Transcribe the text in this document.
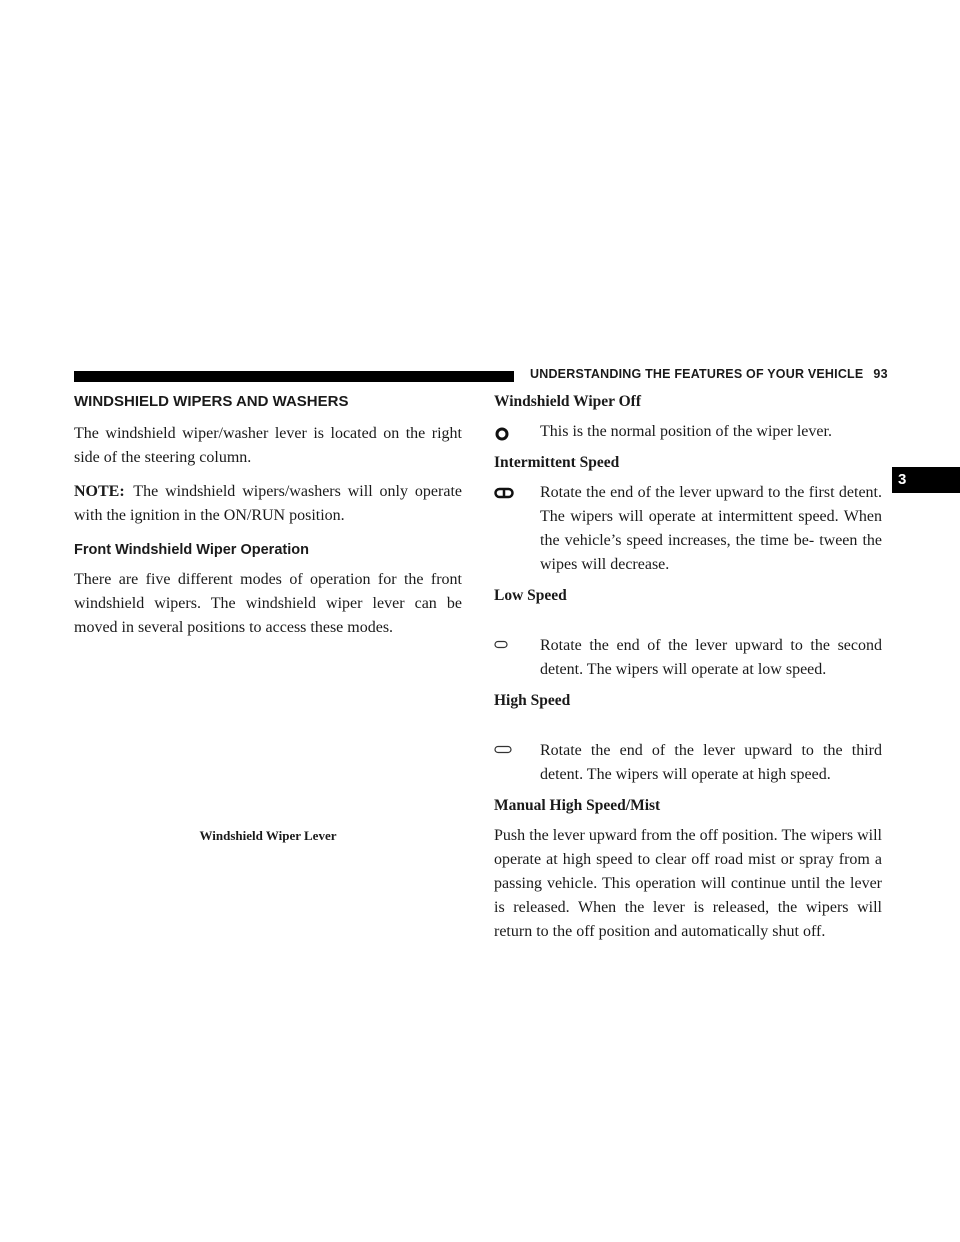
UNDERSTANDING THE FEATURES OF YOUR VEHICLE 93
3
WINDSHIELD WIPERS AND WASHERS

The windshield wiper/washer lever is located on the right side of the steering column.

NOTE: The windshield wipers/washers will only operate with the ignition in the ON/RUN position.

Front Windshield Wiper Operation

There are five different modes of operation for the front windshield wipers. The windshield wiper lever can be moved in several positions to access these modes.

Windshield Wiper Lever
Windshield Wiper Off
This is the normal position of the wiper lever.
Intermittent Speed
Rotate the end of the lever upward to the first detent. The wipers will operate at intermittent speed. When the vehicle’s speed increases, the time be- tween the wipes will decrease.
Low Speed
Rotate the end of the lever upward to the second detent. The wipers will operate at low speed.
High Speed
Rotate the end of the lever upward to the third detent. The wipers will operate at high speed.
Manual High Speed/Mist

Push the lever upward from the off position. The wipers will operate at high speed to clear off road mist or spray from a passing vehicle. This operation will continue until the lever is released. When the lever is released, the wipers will return to the off position and automatically shut off.
